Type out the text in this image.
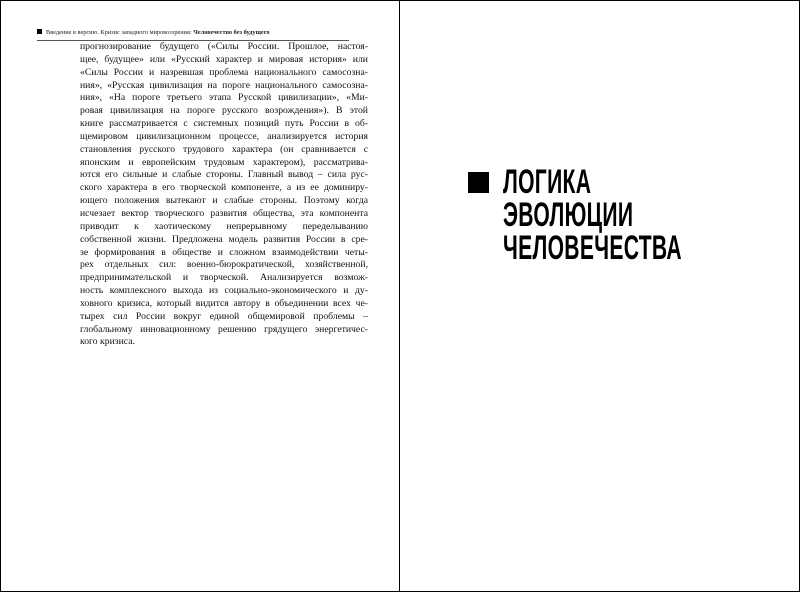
Введение в версию. Кризис западного мировоззрения: Человечество без будущего

прогнозирование будущего («Силы России. Прошлое, настоя-
щее, будущее» или «Русский характер и мировая история» или
«Силы России и назревшая проблема национального самосозна-
ния», «Русская цивилизация на пороге национального самосозна-
ния», «На пороге третьего этапа Русской цивилизации», «Ми-
ровая цивилизация на пороге русского возрождения»). В этой
книге рассматривается с системных позиций путь России в об-
щемировом цивилизационном процессе, анализируется история
становления русского трудового характера (он сравнивается с
японским и европейским трудовым характером), рассматрива-
ются его сильные и слабые стороны. Главный вывод – сила рус-
ского характера в его творческой компоненте, а из ее доминиру-
ющего положения вытекают и слабые стороны. Поэтому когда
исчезает вектор творческого развития общества, эта компонента
приводит к хаотическому непрерывному переделыванию
собственной жизни. Предложена модель развития России в сре-
зе формирования в обществе и сложном взаимодействии четы-
рех отдельных сил: военно-бюрократической, хозяйственной,
предпринимательской и творческой. Анализируется возмож-
ность комплексного выхода из социально-экономического и ду-
ховного кризиса, который видится автору в объединении всех че-
тырех сил России вокруг единой общемировой проблемы –
глобальному инновационному решению грядущего энергетичес-
кого кризиса.

ЛОГИКА
ЭВОЛЮЦИИ
ЧЕЛОВЕЧЕСТВА
